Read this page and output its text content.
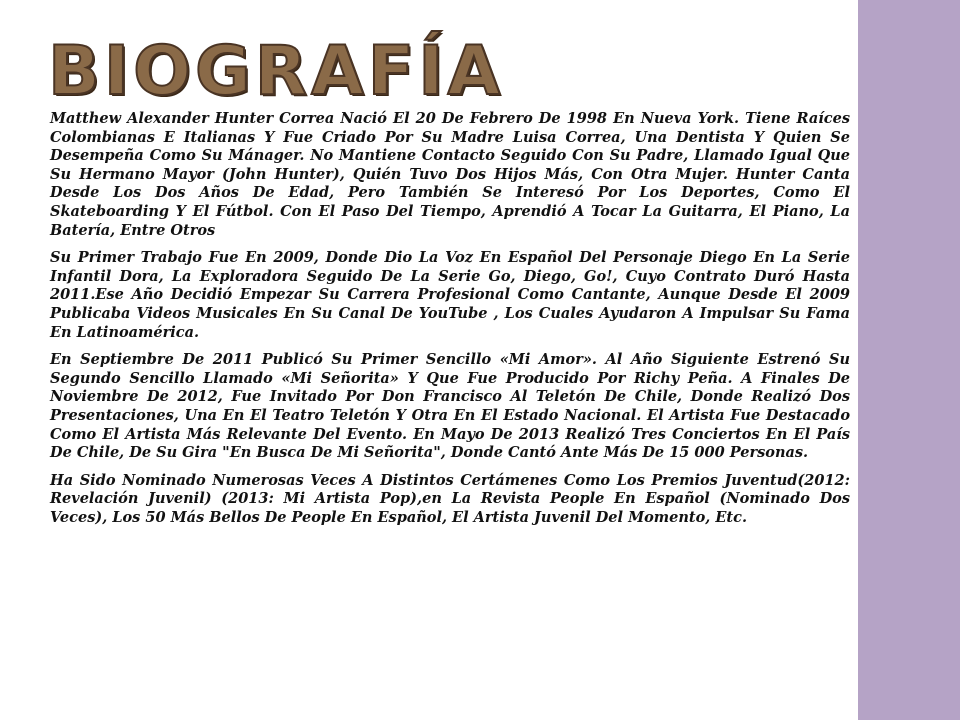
BIOGRAFÍA

Matthew Alexander Hunter Correa Nació El 20 De Febrero De 1998 En Nueva York. Tiene Raíces Colombianas E Italianas Y Fue Criado Por Su Madre Luisa Correa, Una Dentista Y Quien Se Desempeña Como Su Mánager. No Mantiene Contacto Seguido Con Su Padre, Llamado Igual Que Su Hermano Mayor (John Hunter), Quién Tuvo Dos Hijos Más, Con Otra Mujer. Hunter Canta Desde Los Dos Años De Edad, Pero También Se Interesó Por Los Deportes, Como El Skateboarding Y El Fútbol. Con El Paso Del Tiempo, Aprendió A Tocar La Guitarra, El Piano, La Batería, Entre Otros

Su Primer Trabajo Fue En 2009, Donde Dio La Voz En Español Del Personaje Diego En La Serie Infantil Dora, La Exploradora Seguido De La Serie Go, Diego, Go!, Cuyo Contrato Duró Hasta 2011.Ese Año Decidió Empezar Su Carrera Profesional Como Cantante, Aunque Desde El 2009 Publicaba Videos Musicales En Su Canal De YouTube , Los Cuales Ayudaron A Impulsar Su Fama En Latinoamérica.

En Septiembre De 2011 Publicó Su Primer Sencillo «Mi Amor». Al Año Siguiente Estrenó Su Segundo Sencillo Llamado «Mi Señorita» Y Que Fue Producido Por Richy Peña. A Finales De Noviembre De 2012, Fue Invitado Por Don Francisco Al Teletón De Chile, Donde Realizó Dos Presentaciones, Una En El Teatro Teletón Y Otra En El Estado Nacional. El Artista Fue Destacado Como El Artista Más Relevante Del Evento. En Mayo De 2013 Realizó Tres Conciertos En El País De Chile, De Su Gira "En Busca De Mi Señorita", Donde Cantó Ante Más De 15 000 Personas.

Ha Sido Nominado Numerosas Veces A Distintos Certámenes Como Los Premios Juventud(2012: Revelación Juvenil) (2013: Mi Artista Pop),en La Revista People En Español (Nominado Dos Veces), Los 50 Más Bellos De People En Español, El Artista Juvenil Del Momento, Etc.
